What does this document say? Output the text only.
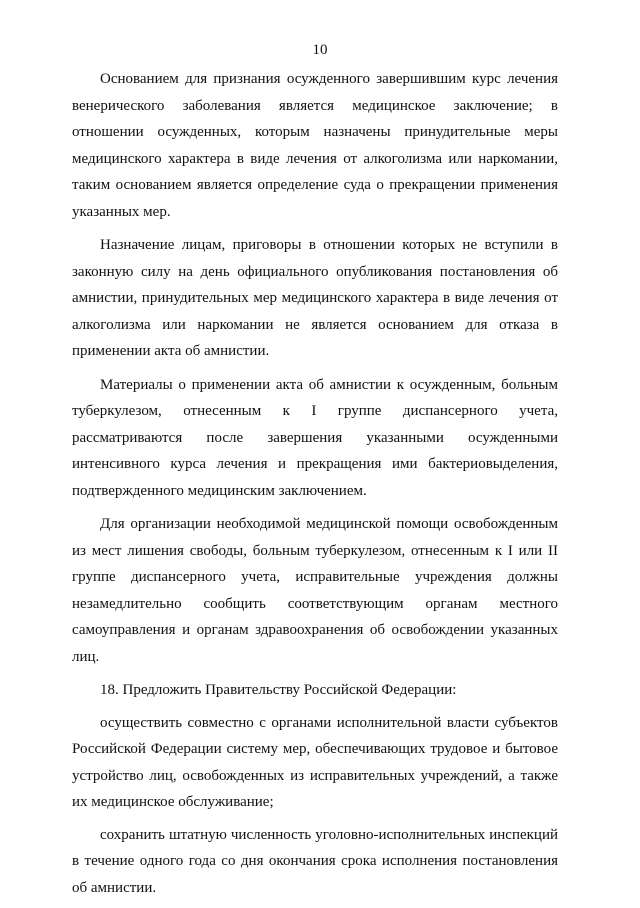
10

Основанием для признания осужденного завершившим курс лечения венерического заболевания является медицинское заключение; в отношении осужденных, которым назначены принудительные меры медицинского характера в виде лечения от алкоголизма или наркомании, таким основанием является определение суда о прекращении применения указанных мер.

Назначение лицам, приговоры в отношении которых не вступили в законную силу на день официального опубликования постановления об амнистии, принудительных мер медицинского характера в виде лечения от алкоголизма или наркомании не является основанием для отказа в применении акта об амнистии.

Материалы о применении акта об амнистии к осужденным, больным туберкулезом, отнесенным к I группе диспансерного учета, рассматриваются после завершения указанными осужденными интенсивного курса лечения и прекращения ими бактериовыделения, подтвержденного медицинским заключением.

Для организации необходимой медицинской помощи освобожденным из мест лишения свободы, больным туберкулезом, отнесенным к I или II группе диспансерного учета, исправительные учреждения должны незамедлительно сообщить соответствующим органам местного самоуправления и органам здравоохранения об освобождении указанных лиц.

18. Предложить Правительству Российской Федерации:

осуществить совместно с органами исполнительной власти субъектов Российской Федерации систему мер, обеспечивающих трудовое и бытовое устройство лиц, освобожденных из исправительных учреждений, а также их медицинское обслуживание;

сохранить штатную численность уголовно-исполнительных инспекций в течение одного года со дня окончания срока исполнения постановления об амнистии.
